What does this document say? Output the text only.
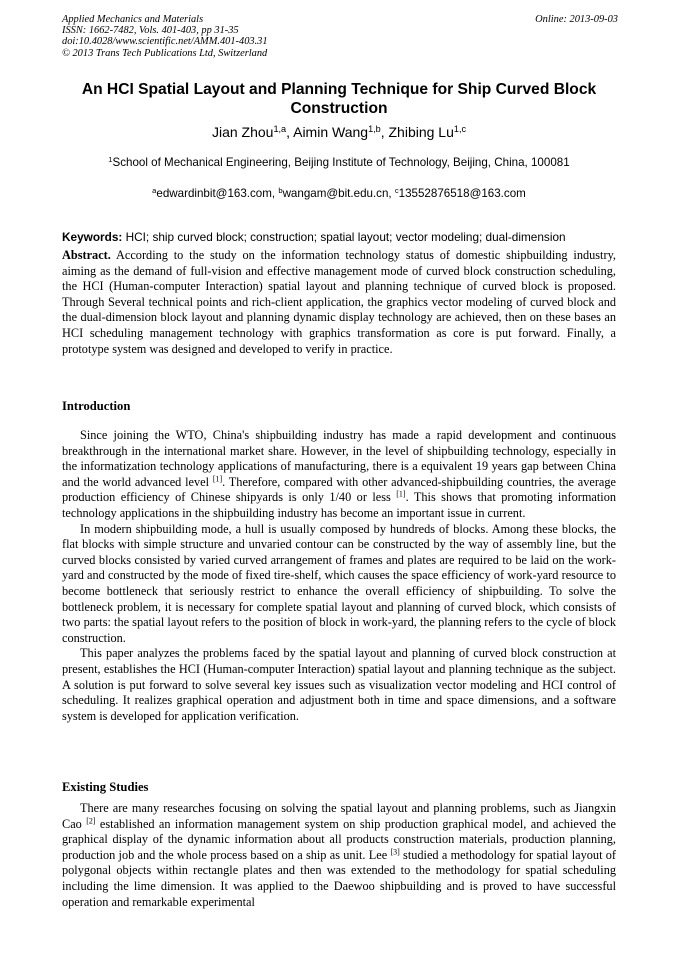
Applied Mechanics and Materials
ISSN: 1662-7482, Vols. 401-403, pp 31-35
doi:10.4028/www.scientific.net/AMM.401-403.31
© 2013 Trans Tech Publications Ltd, Switzerland
Online: 2013-09-03
An HCI Spatial Layout and Planning Technique for Ship Curved Block Construction
Jian Zhou$^{1,a}$, Aimin Wang$^{1,b}$, Zhibing Lu$^{1,c}$
$^1$School of Mechanical Engineering, Beijing Institute of Technology, Beijing, China, 100081
$^a$edwardinbit@163.com, $^b$wangam@bit.edu.cn, $^c$13552876518@163.com
Keywords: HCI; ship curved block; construction; spatial layout; vector modeling; dual-dimension
Abstract. According to the study on the information technology status of domestic shipbuilding industry, aiming as the demand of full-vision and effective management mode of curved block construction scheduling, the HCI (Human-computer Interaction) spatial layout and planning technique of curved block is proposed. Through Several technical points and rich-client application, the graphics vector modeling of curved block and the dual-dimension block layout and planning dynamic display technology are achieved, then on these bases an HCI scheduling management technology with graphics transformation as core is put forward. Finally, a prototype system was designed and developed to verify in practice.
Introduction

Since joining the WTO, China's shipbuilding industry has made a rapid development and continuous breakthrough in the international market share. However, in the level of shipbuilding technology, especially in the informatization technology applications of manufacturing, there is a equivalent 19 years gap between China and the world advanced level [1]. Therefore, compared with other advanced-shipbuilding countries, the average production efficiency of Chinese shipyards is only 1/40 or less [1]. This shows that promoting information technology applications in the shipbuilding industry has become an important issue in current.

In modern shipbuilding mode, a hull is usually composed by hundreds of blocks. Among these blocks, the flat blocks with simple structure and unvaried contour can be constructed by the way of assembly line, but the curved blocks consisted by varied curved arrangement of frames and plates are required to be laid on the work-yard and constructed by the mode of fixed tire-shelf, which causes the space efficiency of work-yard resource to become bottleneck that seriously restrict to enhance the overall efficiency of shipbuilding. To solve the bottleneck problem, it is necessary for complete spatial layout and planning of curved block, which consists of two parts: the spatial layout refers to the position of block in work-yard, the planning refers to the cycle of block construction.

This paper analyzes the problems faced by the spatial layout and planning of curved block construction at present, establishes the HCI (Human-computer Interaction) spatial layout and planning technique as the subject. A solution is put forward to solve several key issues such as visualization vector modeling and HCI control of scheduling. It realizes graphical operation and adjustment both in time and space dimensions, and a software system is developed for application verification.

Existing Studies

There are many researches focusing on solving the spatial layout and planning problems, such as Jiangxin Cao [2] established an information management system on ship production graphical model, and achieved the graphical display of the dynamic information about all products construction materials, production planning, production job and the whole process based on a ship as unit. Lee [3] studied a methodology for spatial layout of polygonal objects within rectangle plates and then was extended to the methodology for spatial scheduling including the lime dimension. It was applied to the Daewoo shipbuilding and is proved to have successful operation and remarkable experimental
